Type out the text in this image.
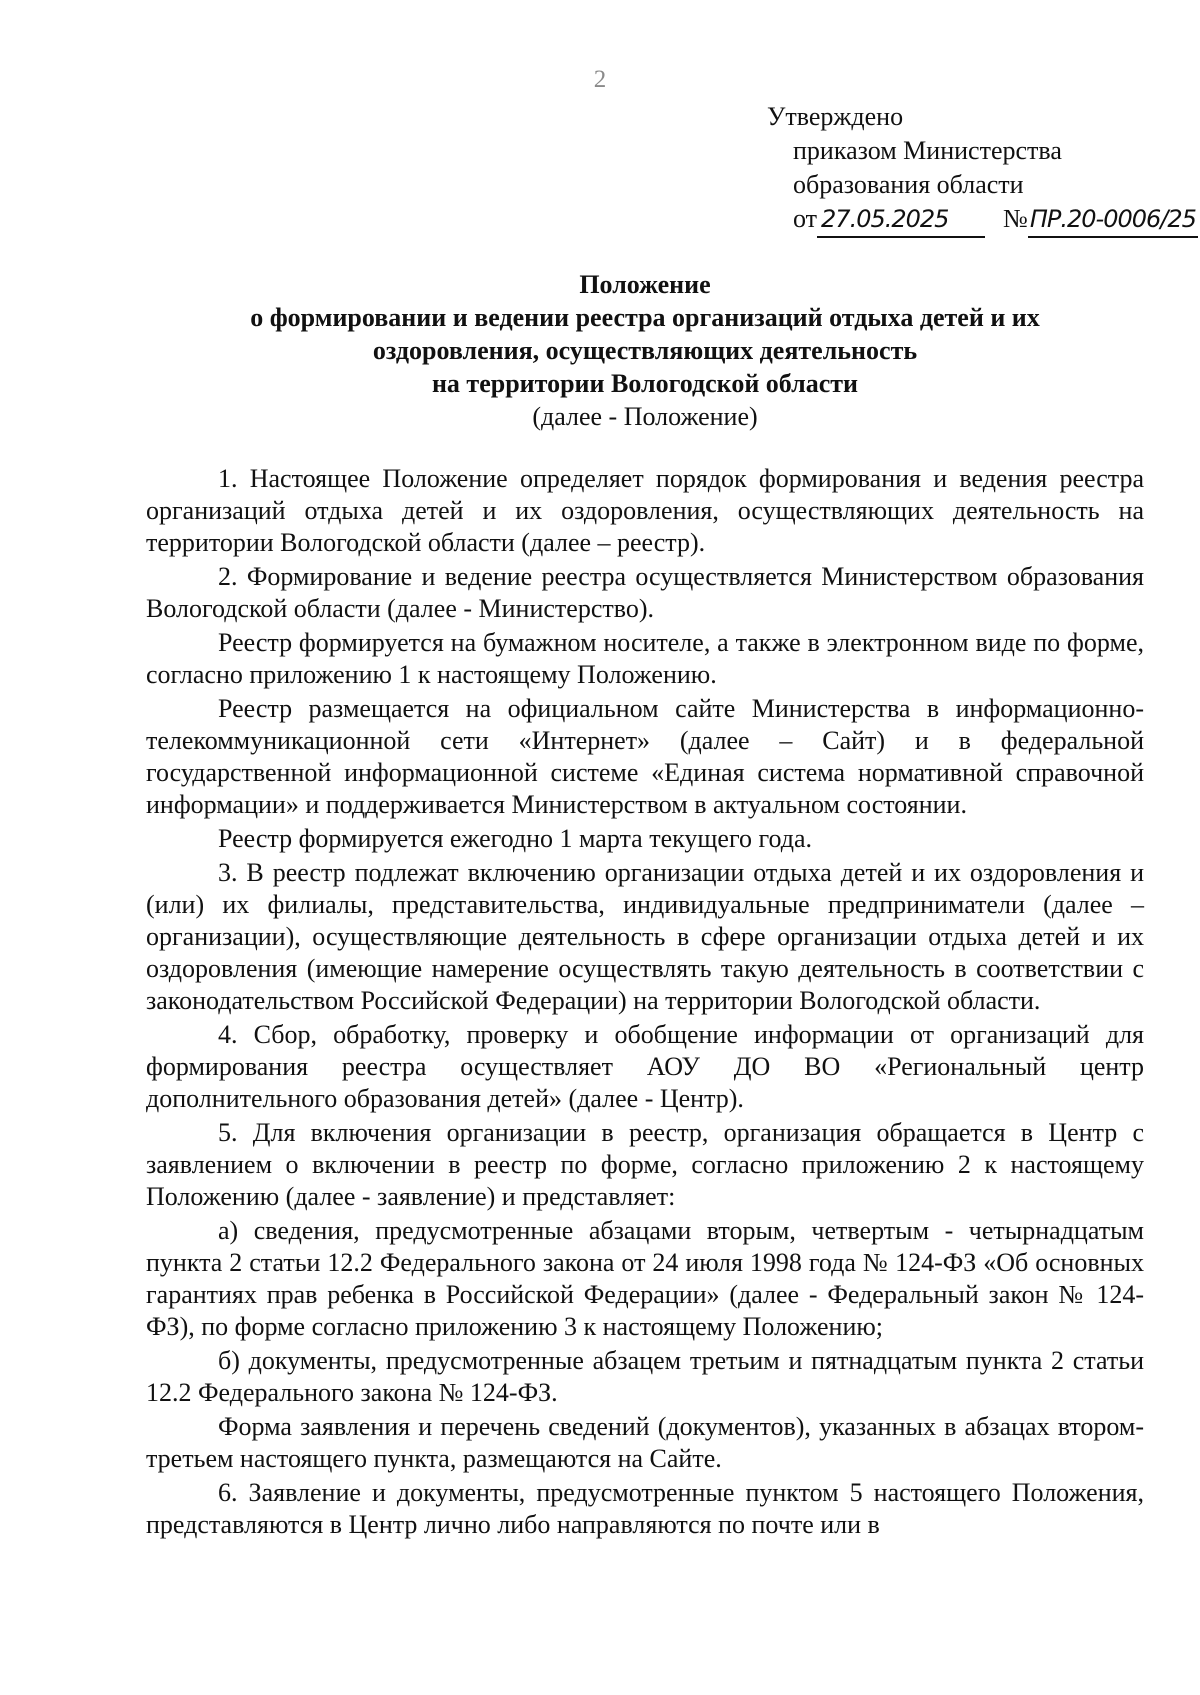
2
Утверждено
приказом Министерства
образования области
от 27.05.2025 №ПР.20-0006/25
Положение
о формировании и ведении реестра организаций отдыха детей и их
оздоровления, осуществляющих деятельность
на территории Вологодской области
(далее - Положение)

1. Настоящее Положение определяет порядок формирования и ведения реестра организаций отдыха детей и их оздоровления, осуществляющих деятельность на территории Вологодской области (далее – реестр).

2. Формирование и ведение реестра осуществляется Министерством образования Вологодской области (далее - Министерство).

Реестр формируется на бумажном носителе, а также в электронном виде по форме, согласно приложению 1 к настоящему Положению.

Реестр размещается на официальном сайте Министерства в информационно-телекоммуникационной сети «Интернет» (далее – Сайт) и в федеральной государственной информационной системе «Единая система нормативной справочной информации» и поддерживается Министерством в актуальном состоянии.

Реестр формируется ежегодно 1 марта текущего года.

3. В реестр подлежат включению организации отдыха детей и их оздоровления и (или) их филиалы, представительства, индивидуальные предприниматели (далее – организации), осуществляющие деятельность в сфере организации отдыха детей и их оздоровления (имеющие намерение осуществлять такую деятельность в соответствии с законодательством Российской Федерации) на территории Вологодской области.

4. Сбор, обработку, проверку и обобщение информации от организаций для формирования реестра осуществляет АОУ ДО ВО «Региональный центр дополнительного образования детей» (далее - Центр).

5. Для включения организации в реестр, организация обращается в Центр с заявлением о включении в реестр по форме, согласно приложению 2 к настоящему Положению (далее - заявление) и представляет:

а) сведения, предусмотренные абзацами вторым, четвертым - четырнадцатым пункта 2 статьи 12.2 Федерального закона от 24 июля 1998 года № 124-ФЗ «Об основных гарантиях прав ребенка в Российской Федерации» (далее - Федеральный закон № 124-ФЗ), по форме согласно приложению 3 к настоящему Положению;

б) документы, предусмотренные абзацем третьим и пятнадцатым пункта 2 статьи 12.2 Федерального закона № 124-ФЗ.

Форма заявления и перечень сведений (документов), указанных в абзацах втором-третьем настоящего пункта, размещаются на Сайте.

6. Заявление и документы, предусмотренные пунктом 5 настоящего Положения, представляются в Центр лично либо направляются по почте или в
